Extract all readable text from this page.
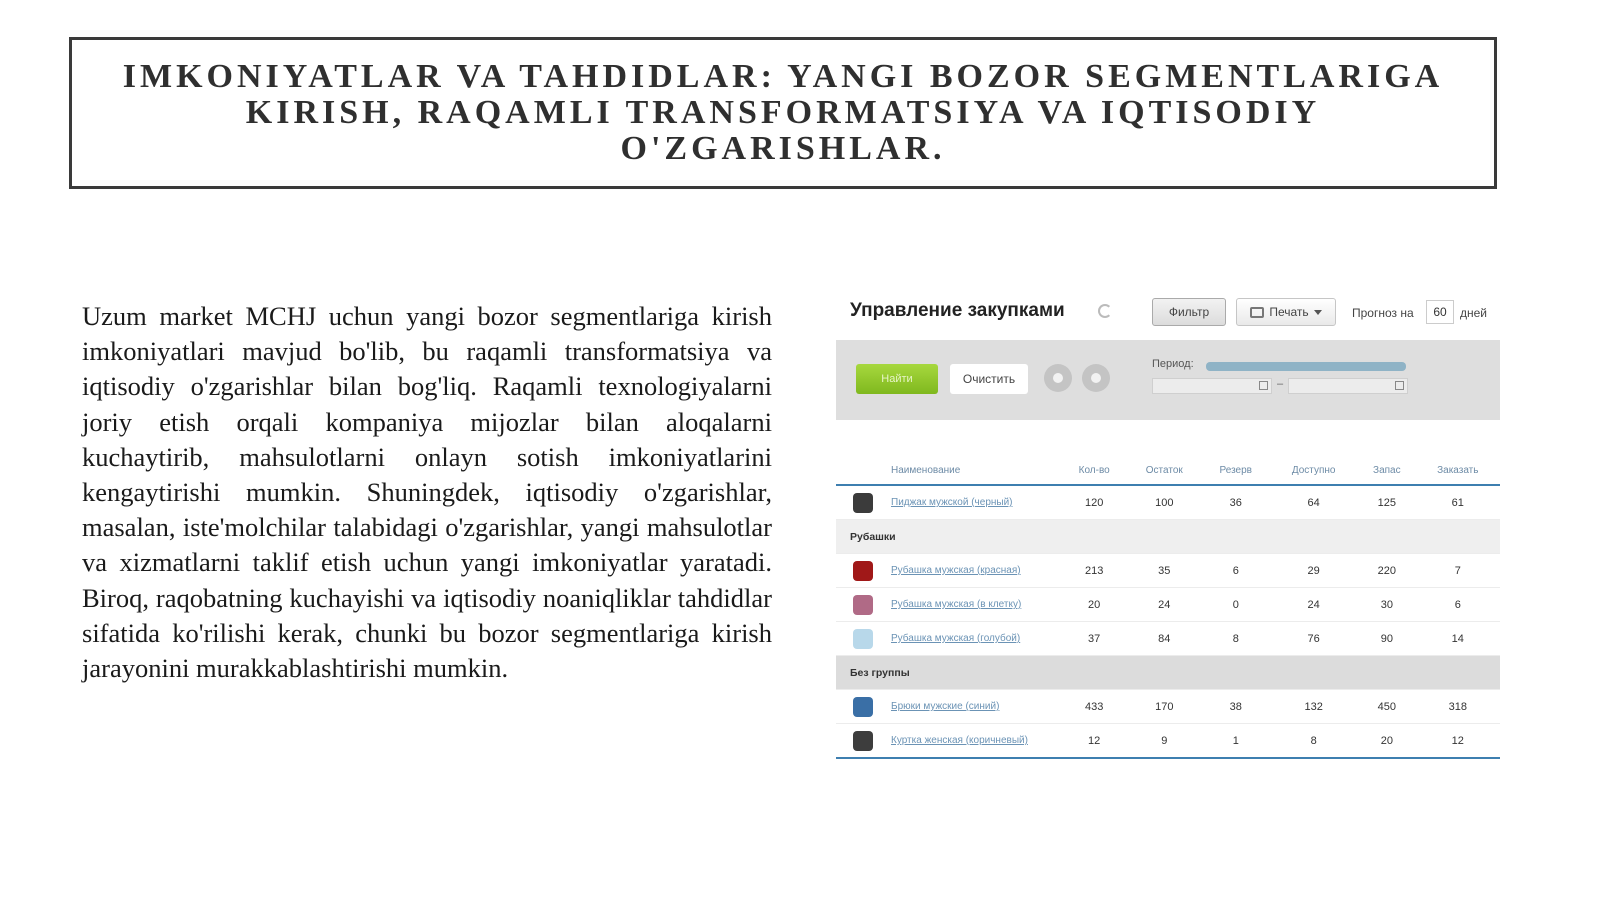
IMKONIYATLAR VA TAHDIDLAR: YANGI BOZOR SEGMENTLARIGA KIRISH, RAQAMLI TRANSFORMATSIYA VA IQTISODIY O'ZGARISHLAR.

Uzum market MCHJ uchun yangi bozor segmentlariga kirish imkoniyatlari mavjud bo'lib, bu raqamli transformatsiya va iqtisodiy o'zgarishlar bilan bog'liq. Raqamli texnologiyalarni joriy etish orqali kompaniya mijozlar bilan aloqalarni kuchaytirib, mahsulotlarni onlayn sotish imkoniyatlarini kengaytirishi mumkin. Shuningdek, iqtisodiy o'zgarishlar, masalan, iste'molchilar talabidagi o'zgarishlar, yangi mahsulotlar va xizmatlarni taklif etish uchun yangi imkoniyatlar yaratadi. Biroq, raqobatning kuchayishi va iqtisodiy noaniqliklar tahdidlar sifatida ko'rilishi kerak, chunki bu bozor segmentlariga kirish jarayonini murakkablashtirishi mumkin.

Управление закупками	Фильтр	Печать	Прогноз на	60	дней
Найти	Очистить
Период:
–
	Наименование	Кол-во	Остаток	Резерв	Доступно	Запас	Заказать

	Пиджак мужской (черный)	120	100	36	64	125	61
Рубашки							

	Рубашка мужская (красная)	213	35	6	29	220	7

	Рубашка мужская (в клетку)	20	24	0	24	30	6

	Рубашка мужская (голубой)	37	84	8	76	90	14
Без группы							

	Брюки мужские (синий)	433	170	38	132	450	318

	Куртка женская (коричневый)	12	9	1	8	20	12
